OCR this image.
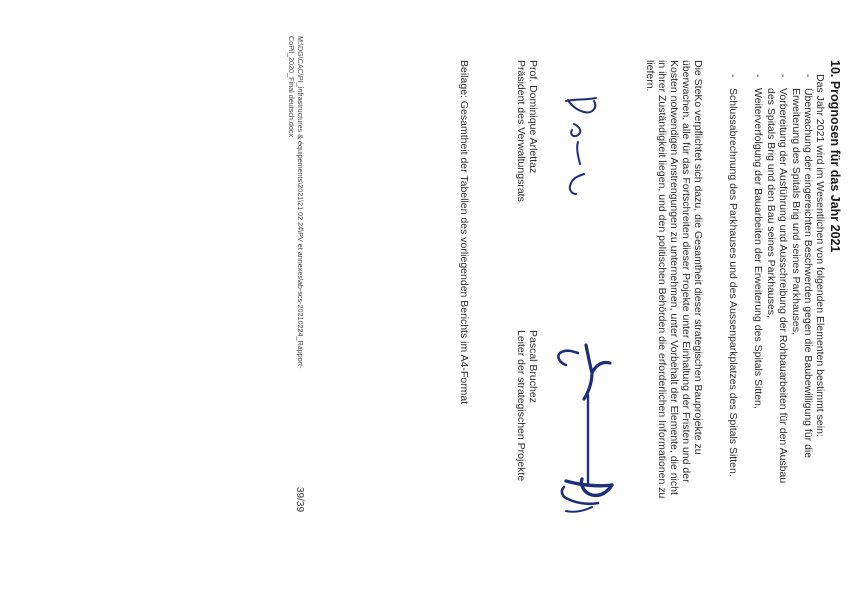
10. Prognosen für das Jahr 2021
Das Jahr 2021 wird im Wesentlichen von folgenden Elementen bestimmt sein:
-Überwachung der eingereichten Beschwerden gegen die Baubewilligung für die
Erweiterung des Spitals Brig und seines Parkhauses,
-Vorbereitung der Ausführung und Ausschreibung der Rohbauarbeiten für den Ausbau
des Spitals Brig und den Bau seines Parkhauses,
-Weiterverfolgung der Bauarbeiten der Erweiterung des Spitals Sitten,
-Schlussabrechnung des Parkhauses und des Aussenparkplatzes des Spitals Sitten.
Die SteKo verpflichtet sich dazu, die Gesamtheit dieser strategischen Bauprojekte zu
überwachen, alle für das Fortschreiten dieser Projekte unter Einhaltung der Fristen und der
Kosten notwendigen Anstrengungen zu unternehmen, unter Vorbehalt der Elemente, die nicht
in ihrer Zuständigkeit liegen, und den politischen Behörden die erforderlichen Informationen zu
liefern.
Prof. Dominique Arlettaz
Präsident des Verwaltungsrats
Pascal Bruchez
Leiter der strategischen Projekte
Beilage: Gesamtheit der Tabellen des vorliegenden Berichts im A4-Format
M:\DG\CAC\PI_infrastructures & équipements\2021\21 02 24\PV et annexes\ab-scs-20210224_Rapport-
CoPil_2020_Final deutsch.docx
39/39
